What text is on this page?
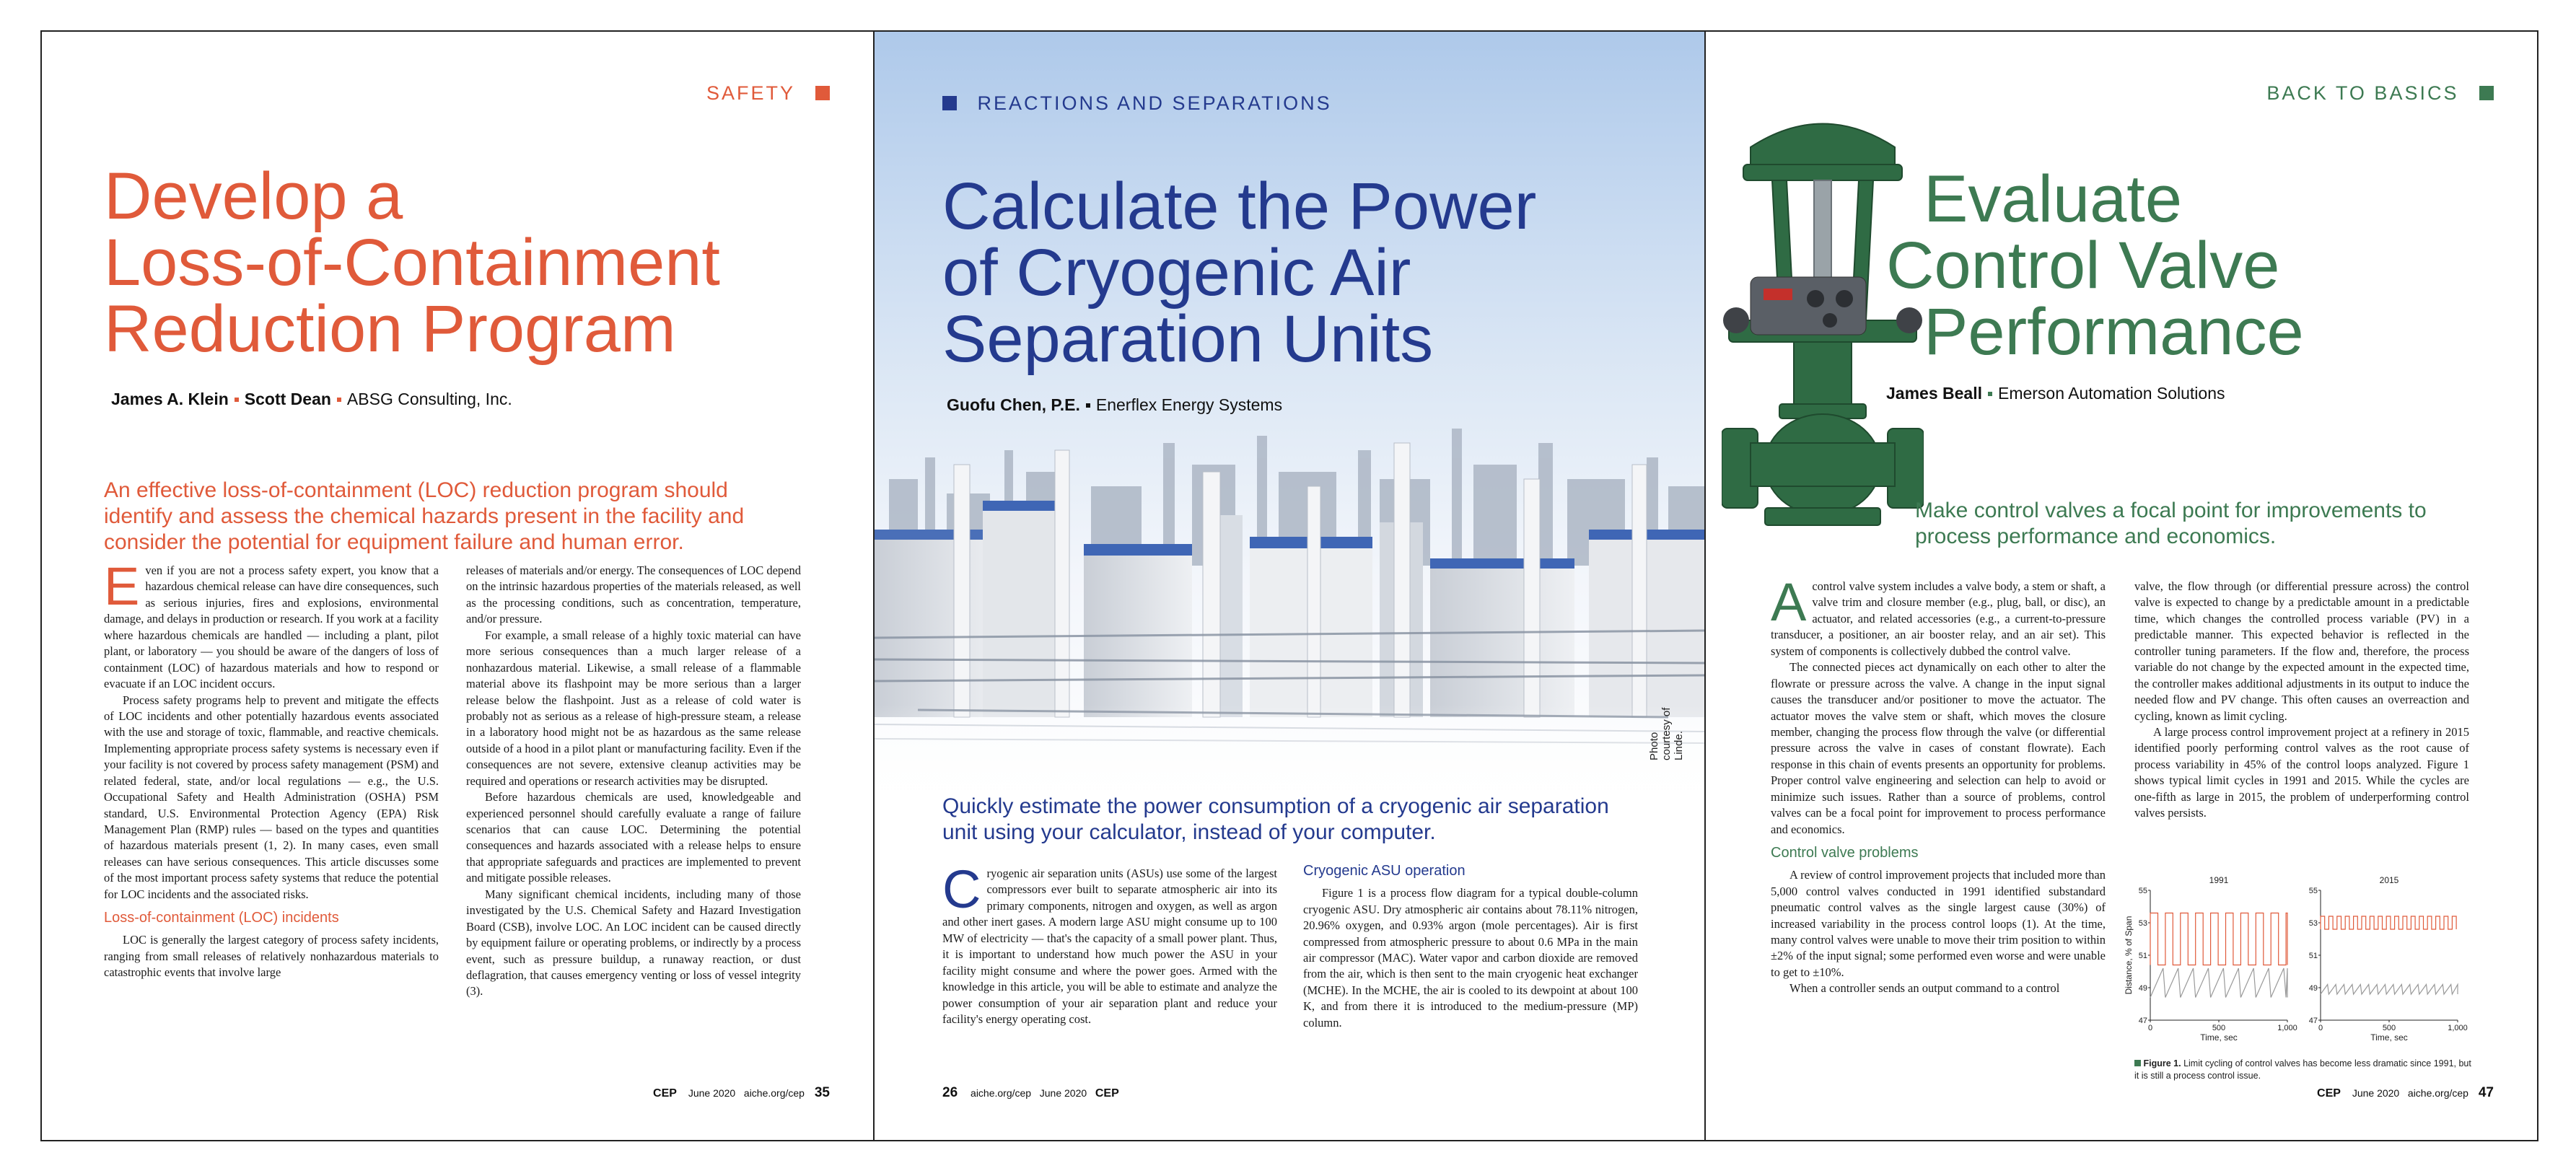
SAFETY
Develop a
Loss-of-Containment
Reduction Program
James A. Klein Scott Dean ABSG Consulting, Inc.
An effective loss-of-containment (LOC) reduction program should identify and assess the chemical hazards present in the facility and consider the potential for equipment failure and human error.

Even if you are not a process safety expert, you know that a hazardous chemical release can have dire consequences, such as serious injuries, fires and explosions, environmental damage, and delays in production or research. If you work at a facility where hazardous chemicals are handled — including a plant, pilot plant, or laboratory — you should be aware of the dangers of loss of containment (LOC) of hazardous materials and how to respond or evacuate if an LOC incident occurs.

Process safety programs help to prevent and mitigate the effects of LOC incidents and other potentially hazardous events associated with the use and storage of toxic, flammable, and reactive chemicals. Implementing appropriate process safety systems is necessary even if your facility is not covered by process safety management (PSM) and related federal, state, and/or local regulations — e.g., the U.S. Occupational Safety and Health Administration (OSHA) PSM standard, U.S. Environmental Protection Agency (EPA) Risk Management Plan (RMP) rules — based on the types and quantities of hazardous materials present (1, 2). In many cases, even small releases can have serious consequences. This article discusses some of the most important process safety systems that reduce the potential for LOC incidents and the associated risks.

Loss-of-containment (LOC) incidents

LOC is generally the largest category of process safety incidents, ranging from small releases of relatively nonhazardous materials to catastrophic events that involve large

releases of materials and/or energy. The consequences of LOC depend on the intrinsic hazardous properties of the materials released, as well as the processing conditions, such as concentration, temperature, and/or pressure.

For example, a small release of a highly toxic material can have more serious consequences than a much larger release of a nonhazardous material. Likewise, a small release of a flammable material above its flashpoint may be more serious than a larger release below the flashpoint. Just as a release of cold water is probably not as serious as a release of high-pressure steam, a release in a laboratory hood might not be as hazardous as the same release outside of a hood in a pilot plant or manufacturing facility. Even if the consequences are not severe, extensive cleanup activities may be required and operations or research activities may be disrupted.

Before hazardous chemicals are used, knowledgeable and experienced personnel should carefully evaluate a range of failure scenarios that can cause LOC. Determining the potential consequences and hazards associated with a release helps to ensure that appropriate safeguards and practices are implemented to prevent and mitigate possible releases.

Many significant chemical incidents, including many of those investigated by the U.S. Chemical Safety and Hazard Investigation Board (CSB), involve LOC. An LOC incident can be caused directly by equipment failure or operating problems, or indirectly by a process event, such as pressure buildup, a runaway reaction, or dust deflagration, that causes emergency venting or loss of vessel integrity (3).

CEP June 2020 aiche.org/cep 35
REACTIONS AND SEPARATIONS
Calculate the Power
of Cryogenic Air
Separation Units
Guofu Chen, P.E. Enerflex Energy Systems
Photo courtesy of Linde.
Quickly estimate the power consumption of a cryogenic air separation unit using your calculator, instead of your computer.

Cryogenic air separation units (ASUs) use some of the largest compressors ever built to separate atmospheric air into its primary components, nitrogen and oxygen, as well as argon and other inert gases. A modern large ASU might consume up to 100 MW of electricity — that's the capacity of a small power plant. Thus, it is important to understand how much power the ASU in your facility might consume and where the power goes. Armed with the knowledge in this article, you will be able to estimate and analyze the power consumption of your air separation plant and reduce your facility's energy operating cost.

Cryogenic ASU operation

Figure 1 is a process flow diagram for a typical double-column cryogenic ASU. Dry atmospheric air contains about 78.11% nitrogen, 20.96% oxygen, and 0.93% argon (mole percentages). Air is first compressed from atmospheric pressure to about 0.6 MPa in the main air compressor (MAC). Water vapor and carbon dioxide are removed from the air, which is then sent to the main cryogenic heat exchanger (MCHE). In the MCHE, the air is cooled to its dewpoint at about 100 K, and from there it is introduced to the medium-pressure (MP) column.

26 aiche.org/cep June 2020 CEP
BACK TO BASICS
Evaluate
Control Valve
Performance
James Beall Emerson Automation Solutions
Make control valves a focal point for improvements to process performance and economics.

Acontrol valve system includes a valve body, a stem or shaft, a valve trim and closure member (e.g., plug, ball, or disc), an actuator, and related accessories (e.g., a current-to-pressure transducer, a positioner, an air booster relay, and an air set). This system of components is collectively dubbed the control valve.

The connected pieces act dynamically on each other to alter the flowrate or pressure across the valve. A change in the input signal causes the transducer and/or positioner to move the actuator. The actuator moves the valve stem or shaft, which moves the closure member, changing the process flow through the valve (or differential pressure across the valve in cases of constant flowrate). Each response in this chain of events presents an opportunity for problems. Proper control valve engineering and selection can help to avoid or minimize such issues. Rather than a source of problems, control valves can be a focal point for improvement to process performance and economics.

Control valve problems

A review of control improvement projects that included more than 5,000 control valves conducted in 1991 identified substandard pneumatic control valves as the single largest cause (30%) of increased variability in the process control loops (1). At the time, many control valves were unable to move their trim position to within ±2% of the input signal; some performed even worse and were unable to get to ±10%.

When a controller sends an output command to a control

valve, the flow through (or differential pressure across) the control valve is expected to change by a predictable amount in a predictable time, which changes the controlled process variable (PV) in a predictable manner. This expected behavior is reflected in the controller tuning parameters. If the flow and, therefore, the process variable do not change by the expected amount in the expected time, the controller makes additional adjustments in its output to induce the needed flow and PV change. This often causes an overreaction and cycling, known as limit cycling.

A large process control improvement project at a refinery in 2015 identified poorly performing control valves as the root cause of process variability in 45% of the control loops analyzed. Figure 1 shows typical limit cycles in 1991 and 2015. While the cycles are one-fifth as large in 2015, the problem of underperforming control valves persists.

1991
47
49
51
53
55
0	500	1,000
Time, sec
Distance, % of Span
2015
47
49
51
53
55
0	500	1,000
Time, sec
Figure 1. Limit cycling of control valves has become less dramatic since 1991, but it is still a process control issue.
CEP June 2020 aiche.org/cep 47
